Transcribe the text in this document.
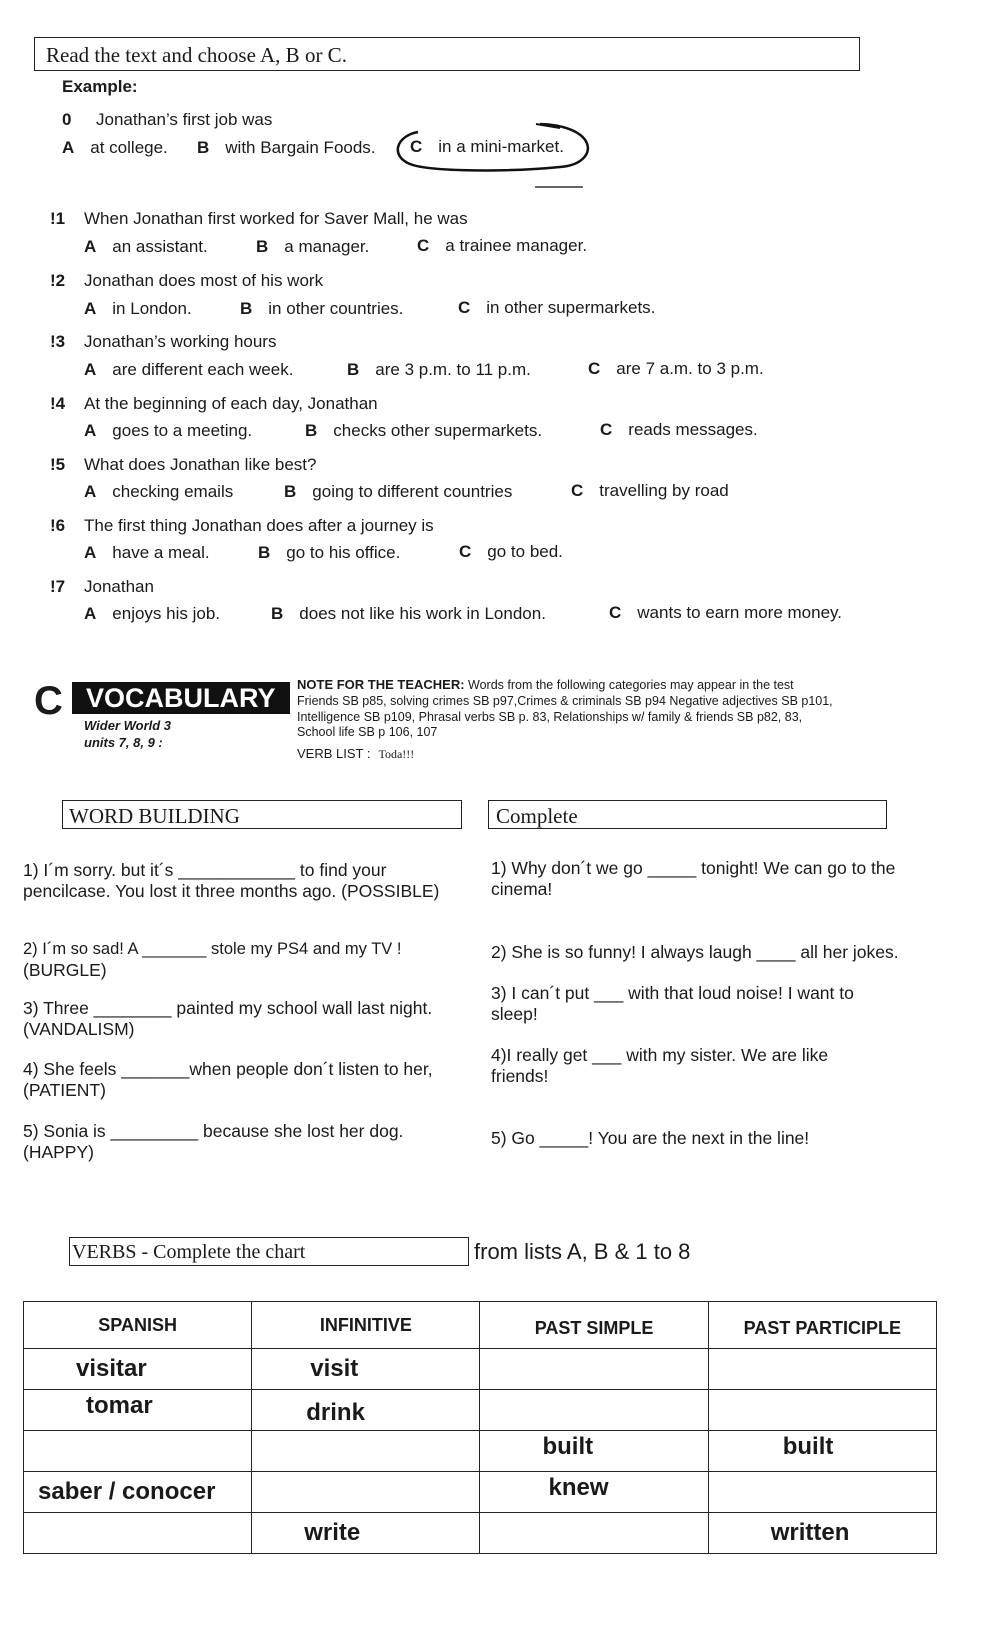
Read the text and choose A, B or C.
Example:
0 Jonathan’s first job was
A at college. B with Bargain Foods. C in a mini-market.
!1 When Jonathan first worked for Saver Mall, he was
A an assistant.	B a manager.	C a trainee manager.
!2 Jonathan does most of his work
A in London.	B in other countries.	C in other supermarkets.
!3 Jonathan’s working hours
A are different each week.	B are 3 p.m. to 11 p.m.	C are 7 a.m. to 3 p.m.
!4 At the beginning of each day, Jonathan
A goes to a meeting.	B checks other supermarkets.	C reads messages.
!5 What does Jonathan like best?
A checking emails	B going to different countries	C travelling by road
!6 The first thing Jonathan does after a journey is
A have a meal.	B go to his office.	C go to bed.
!7 Jonathan
A enjoys his job.	B does not like his work in London.	C wants to earn more money.
C VOCABULARY
Wider World 3
units 7, 8, 9 :
NOTE FOR THE TEACHER: Words from the following categories may appear in the test
Friends SB p85, solving crimes SB p97,Crimes & criminals SB p94 Negative adjectives SB p101,
Intelligence SB p109, Phrasal verbs SB p. 83, Relationships w/ family & friends SB p82, 83,
School life SB p 106, 107
VERB LIST : Toda!!!
WORD BUILDING	Complete
1) I´m sorry. but it´s ____________ to find your
pencilcase. You lost it three months ago. (POSSIBLE)
2) I´m so sad! A _______ stole my PS4 and my TV !
(BURGLE)
3) Three ________ painted my school wall last night.
(VANDALISM)
4) She feels _______when people don´t listen to her,
(PATIENT)
5) Sonia is _________ because she lost her dog.
(HAPPY)
1) Why don´t we go _____ tonight! We can go to the
cinema!
2) She is so funny! I always laugh ____ all her jokes.
3) I can´t put ___ with that loud noise! I want to
sleep!
4)I really get ___ with my sister. We are like
friends!
5) Go _____! You are the next in the line!
VERBS - Complete the chart	from lists A, B & 1 to 8
SPANISH	INFINITIVE	PAST SIMPLE	PAST PARTICIPLE

visitar	visit		

tomar	drink		

		built	built

saber / conocer		knew	

	write		written
